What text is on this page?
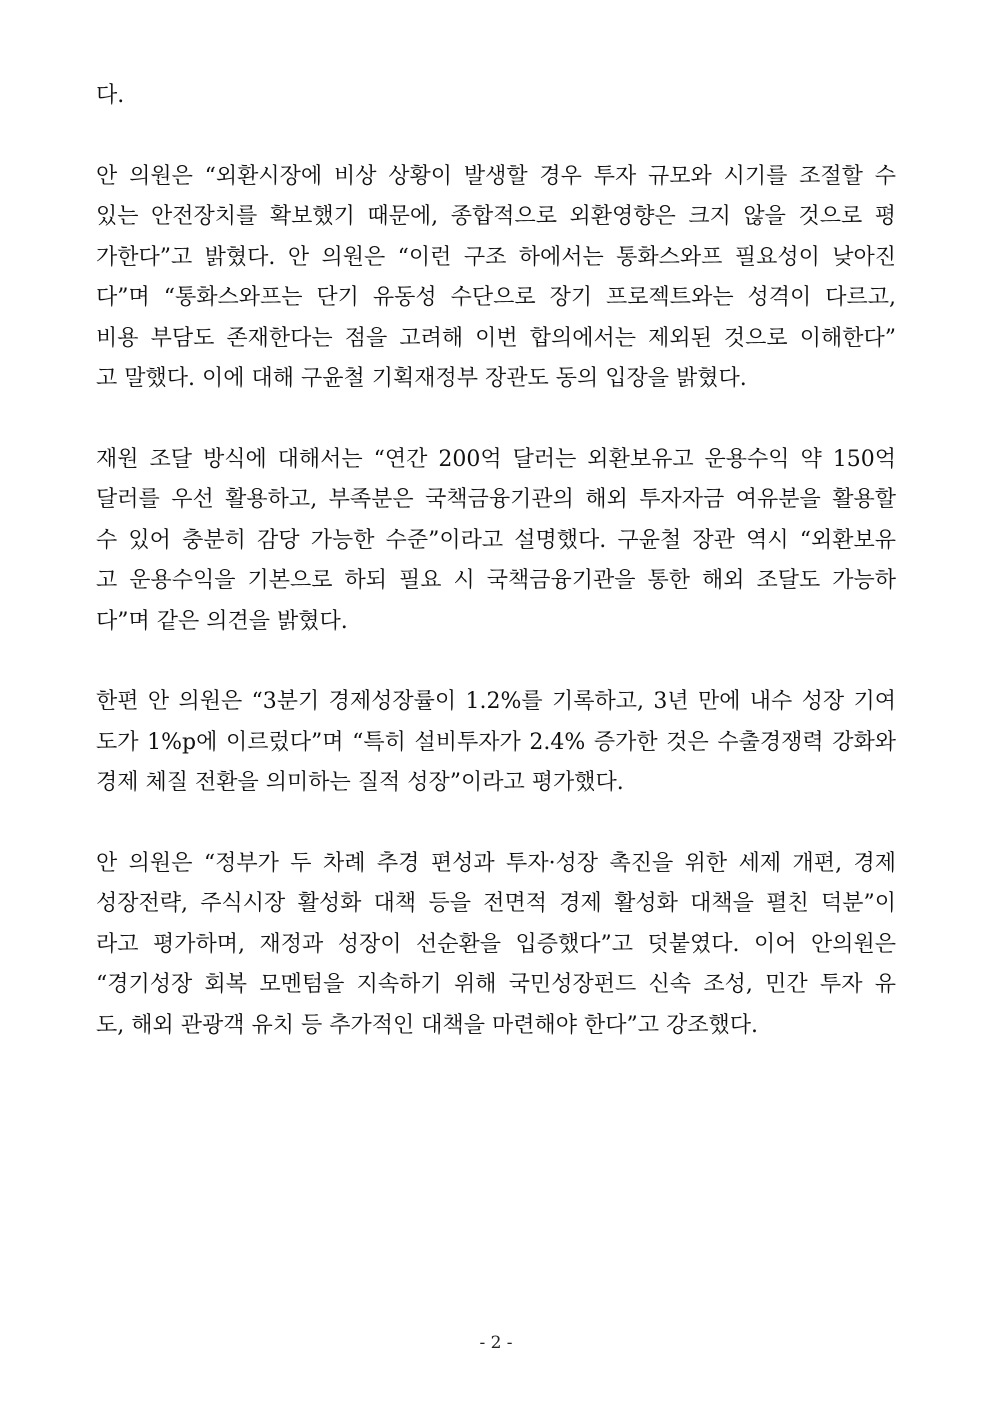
다.

안 의원은 “외환시장에 비상 상황이 발생할 경우 투자 규모와 시기를 조절할 수
있는 안전장치를 확보했기 때문에, 종합적으로 외환영향은 크지 않을 것으로 평
가한다”고 밝혔다. 안 의원은 “이런 구조 하에서는 통화스와프 필요성이 낮아진
다”며 “통화스와프는 단기 유동성 수단으로 장기 프로젝트와는 성격이 다르고,
비용 부담도 존재한다는 점을 고려해 이번 합의에서는 제외된 것으로 이해한다”
고 말했다. 이에 대해 구윤철 기획재정부 장관도 동의 입장을 밝혔다.

재원 조달 방식에 대해서는 “연간 200억 달러는 외환보유고 운용수익 약 150억
달러를 우선 활용하고, 부족분은 국책금융기관의 해외 투자자금 여유분을 활용할
수 있어 충분히 감당 가능한 수준”이라고 설명했다. 구윤철 장관 역시 “외환보유
고 운용수익을 기본으로 하되 필요 시 국책금융기관을 통한 해외 조달도 가능하
다”며 같은 의견을 밝혔다.

한편 안 의원은 “3분기 경제성장률이 1.2%를 기록하고, 3년 만에 내수 성장 기여
도가 1%p에 이르렀다”며 “특히 설비투자가 2.4% 증가한 것은 수출경쟁력 강화와
경제 체질 전환을 의미하는 질적 성장”이라고 평가했다.

안 의원은 “정부가 두 차례 추경 편성과 투자·성장 촉진을 위한 세제 개편, 경제
성장전략, 주식시장 활성화 대책 등을 전면적 경제 활성화 대책을 펼친 덕분”이
라고 평가하며, 재정과 성장이 선순환을 입증했다”고 덧붙였다. 이어 안의원은
“경기성장 회복 모멘텀을 지속하기 위해 국민성장펀드 신속 조성, 민간 투자 유
도, 해외 관광객 유치 등 추가적인 대책을 마련해야 한다”고 강조했다.

- 2 -
